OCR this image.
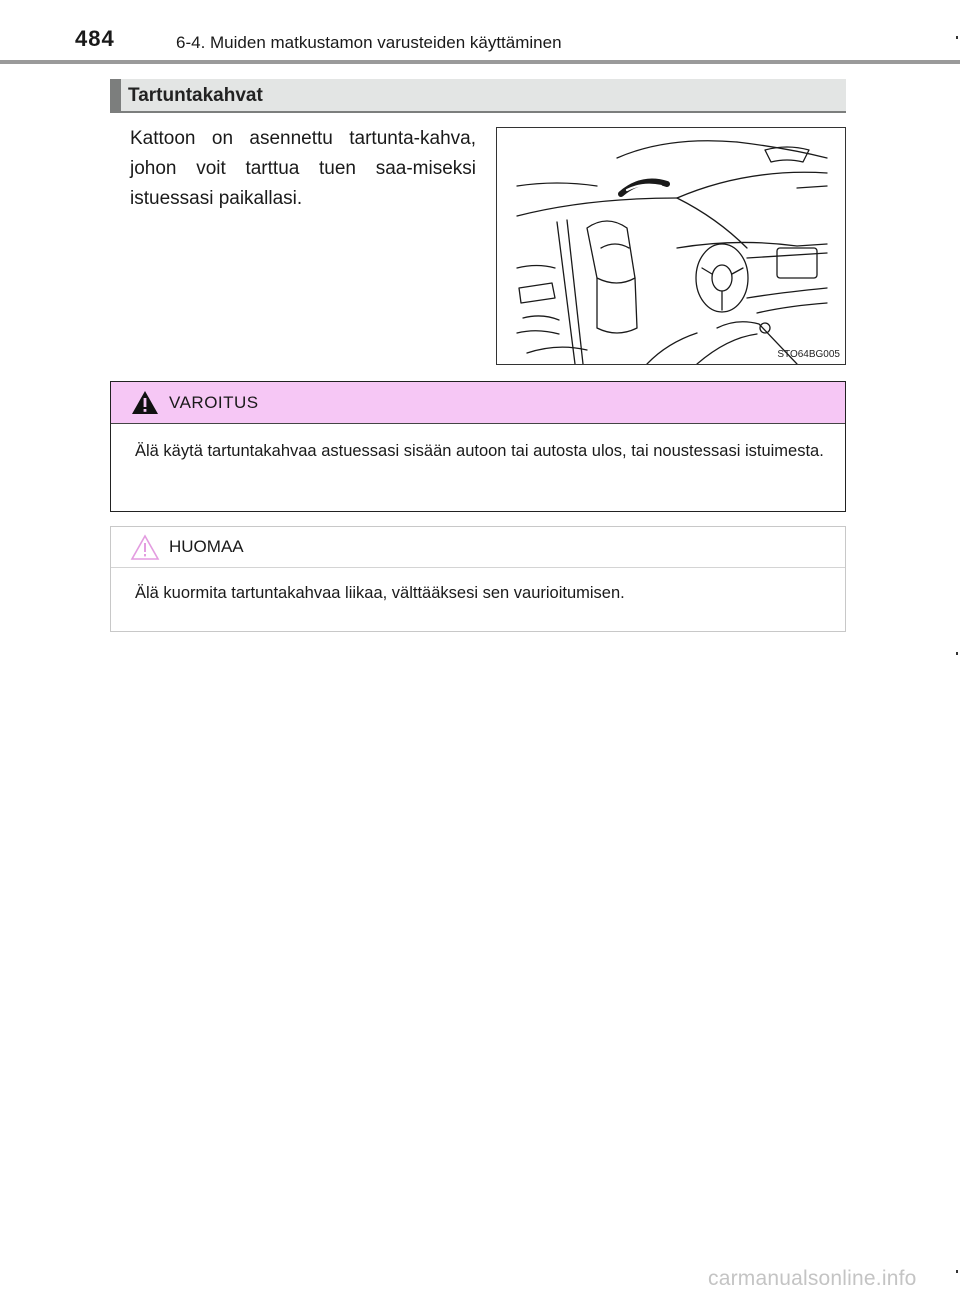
484	6-4. Muiden matkustamon varusteiden käyttäminen
Tartuntakahvat
Kattoon on asennettu tartunta-kahva, johon voit tarttua tuen saa-miseksi istuessasi paikallasi.
STO64BG005
VAROITUS
Älä käytä tartuntakahvaa astuessasi sisään autoon tai autosta ulos, tai noustessasi istuimesta.
HUOMAA
Älä kuormita tartuntakahvaa liikaa, välttääksesi sen vaurioitumisen.
carmanualsonline.info
